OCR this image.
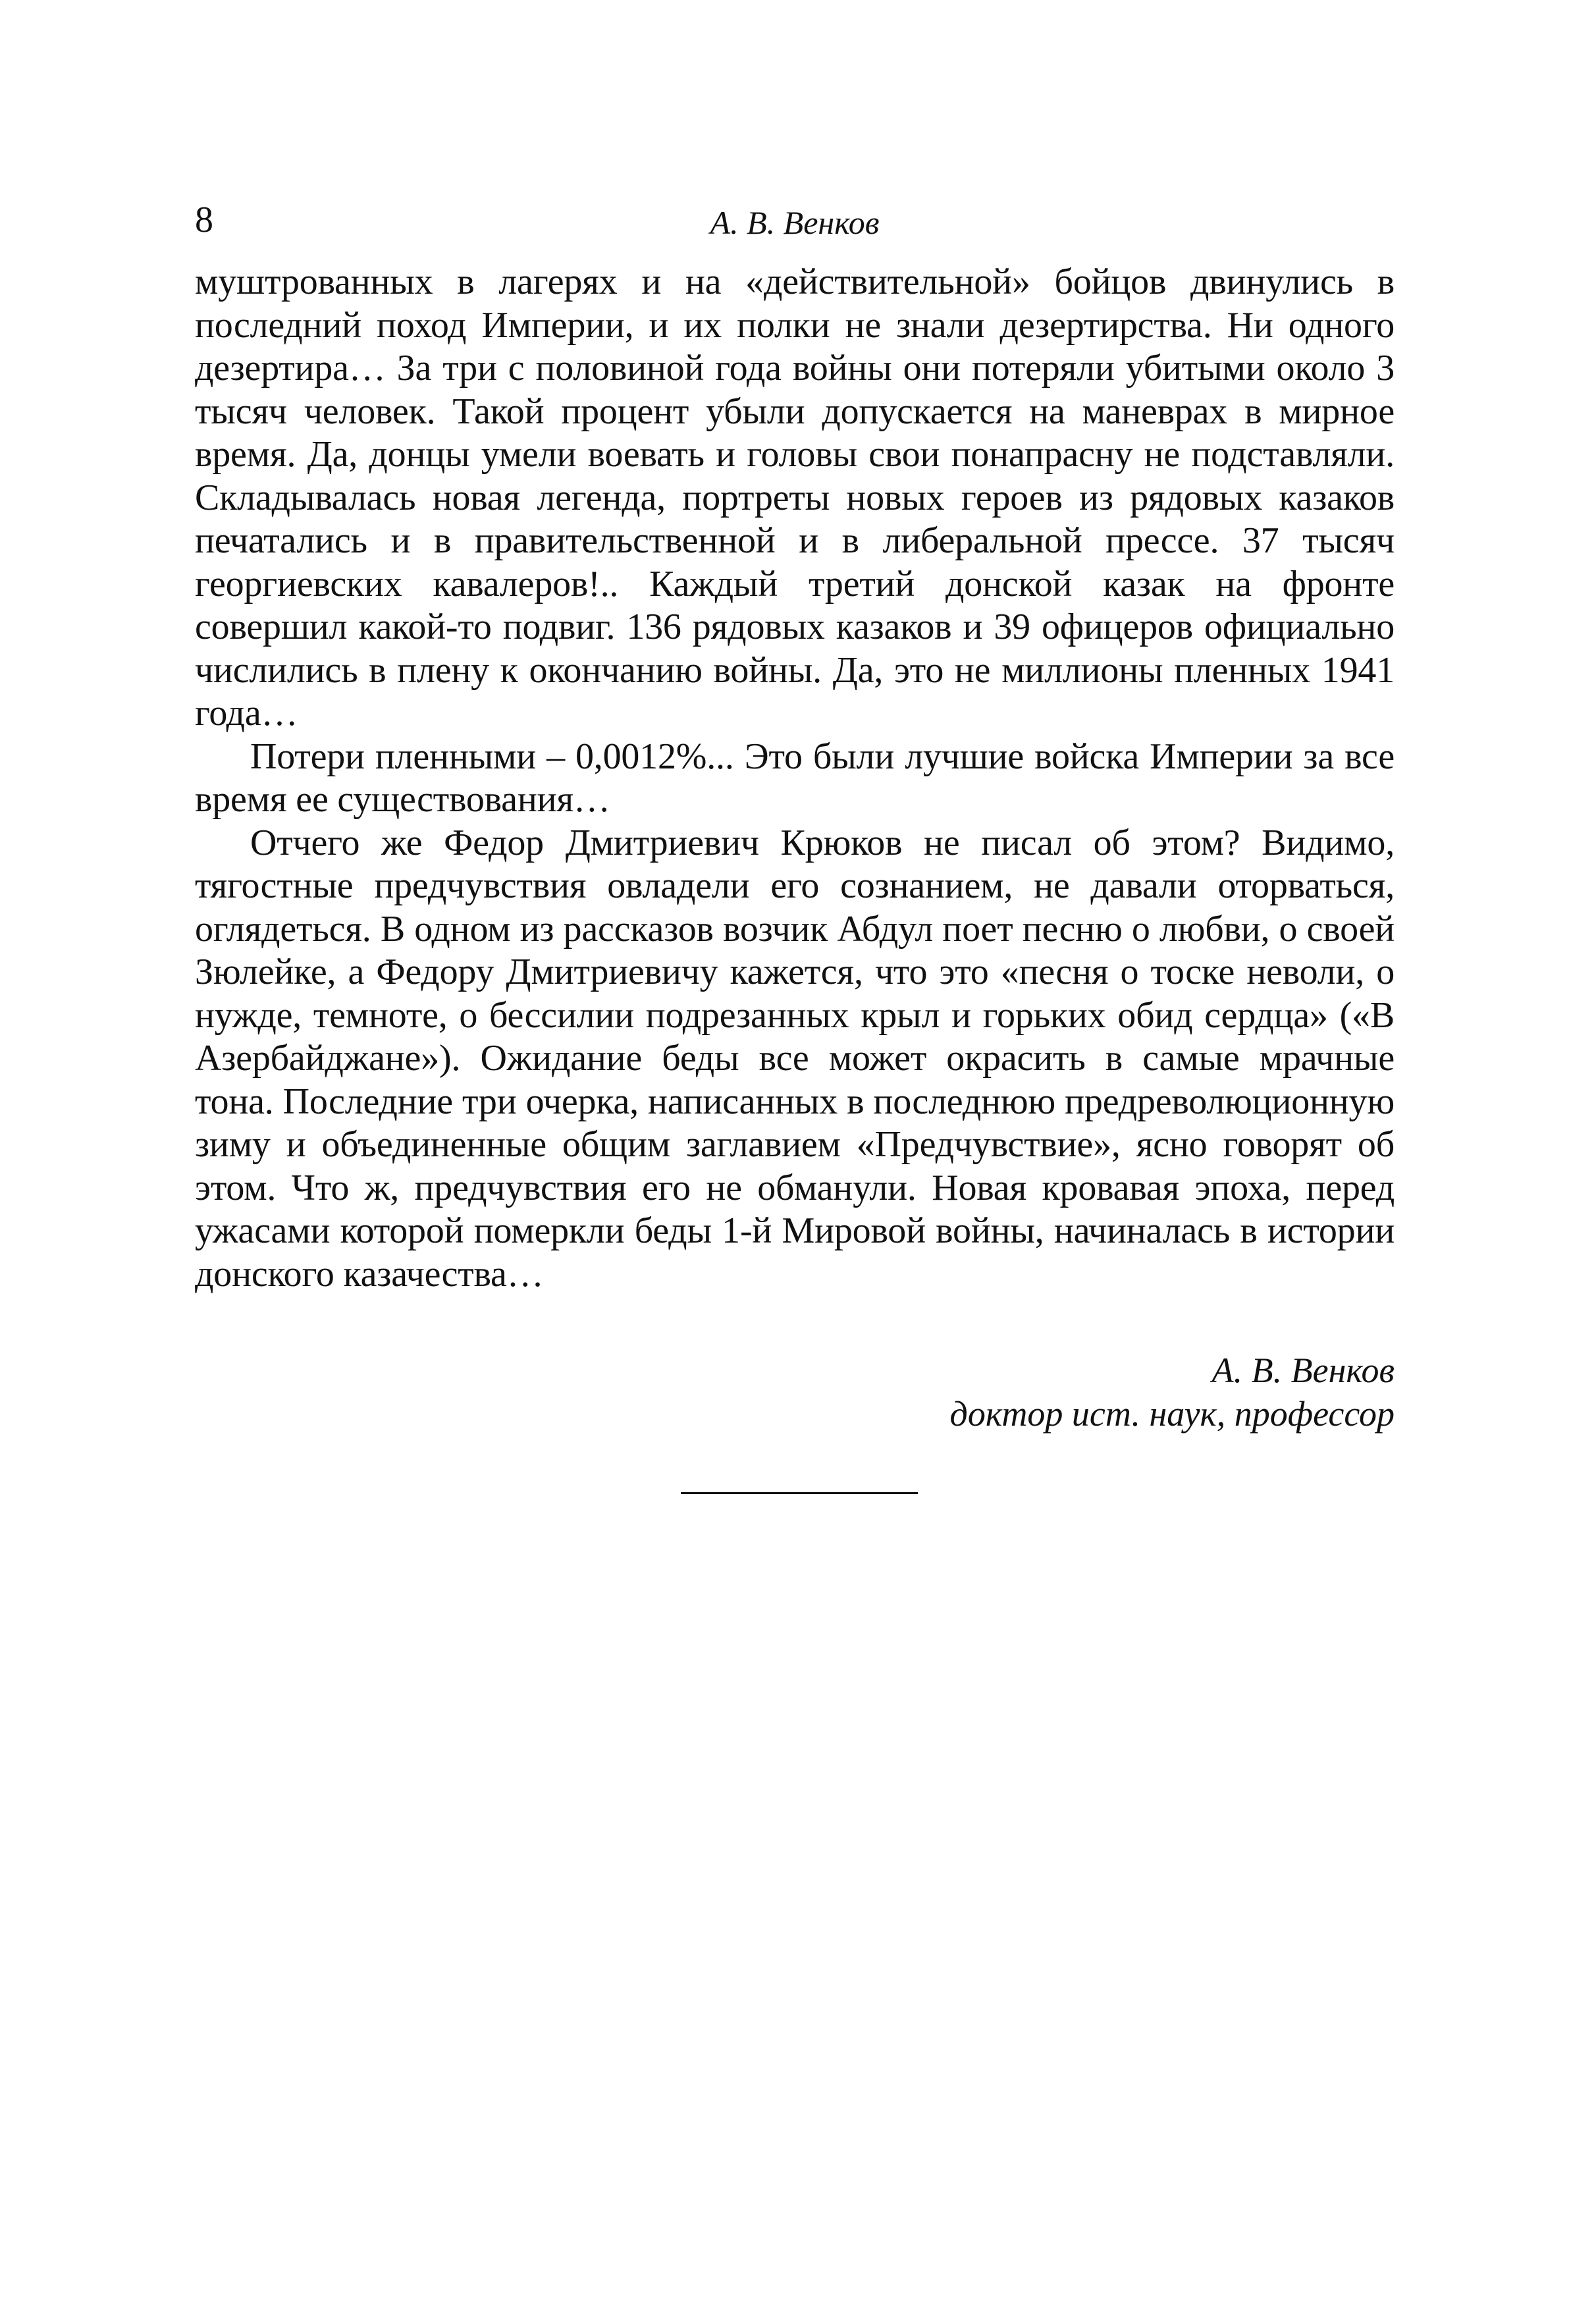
8	А. В. Венков

муштрованных в лагерях и на «действительной» бойцов двинулись в последний поход Империи, и их полки не знали дезертирства. Ни одного дезертира… За три с половиной года войны они потеряли убитыми около 3 тысяч человек. Такой процент убыли допускается на маневрах в мирное время. Да, донцы умели воевать и головы свои понапрасну не подставляли. Складывалась новая легенда, портреты новых героев из рядовых казаков печатались и в правительственной и в либеральной прессе. 37 тысяч георгиевских кавалеров!.. Каждый третий донской казак на фронте совершил какой-то подвиг. 136 рядовых казаков и 39 офицеров официально числились в плену к окончанию войны. Да, это не миллионы пленных 1941 года…

Потери пленными – 0,0012%... Это были лучшие войска Империи за все время ее существования…

Отчего же Федор Дмитриевич Крюков не писал об этом? Видимо, тягостные предчувствия овладели его сознанием, не давали оторваться, оглядеться. В одном из рассказов возчик Абдул поет песню о любви, о своей Зюлейке, а Федору Дмитриевичу кажется, что это «песня о тоске неволи, о нужде, темноте, о бессилии подрезанных крыл и горьких обид сердца» («В Азербайджане»). Ожидание беды все может окрасить в самые мрачные тона. Последние три очерка, написанных в последнюю предреволюционную зиму и объединенные общим заглавием «Предчувствие», ясно говорят об этом. Что ж, предчувствия его не обманули. Новая кровавая эпоха, перед ужасами которой померкли беды 1-й Мировой войны, начиналась в истории донского казачества…

А. В. Венков
доктор ист. наук, профессор
